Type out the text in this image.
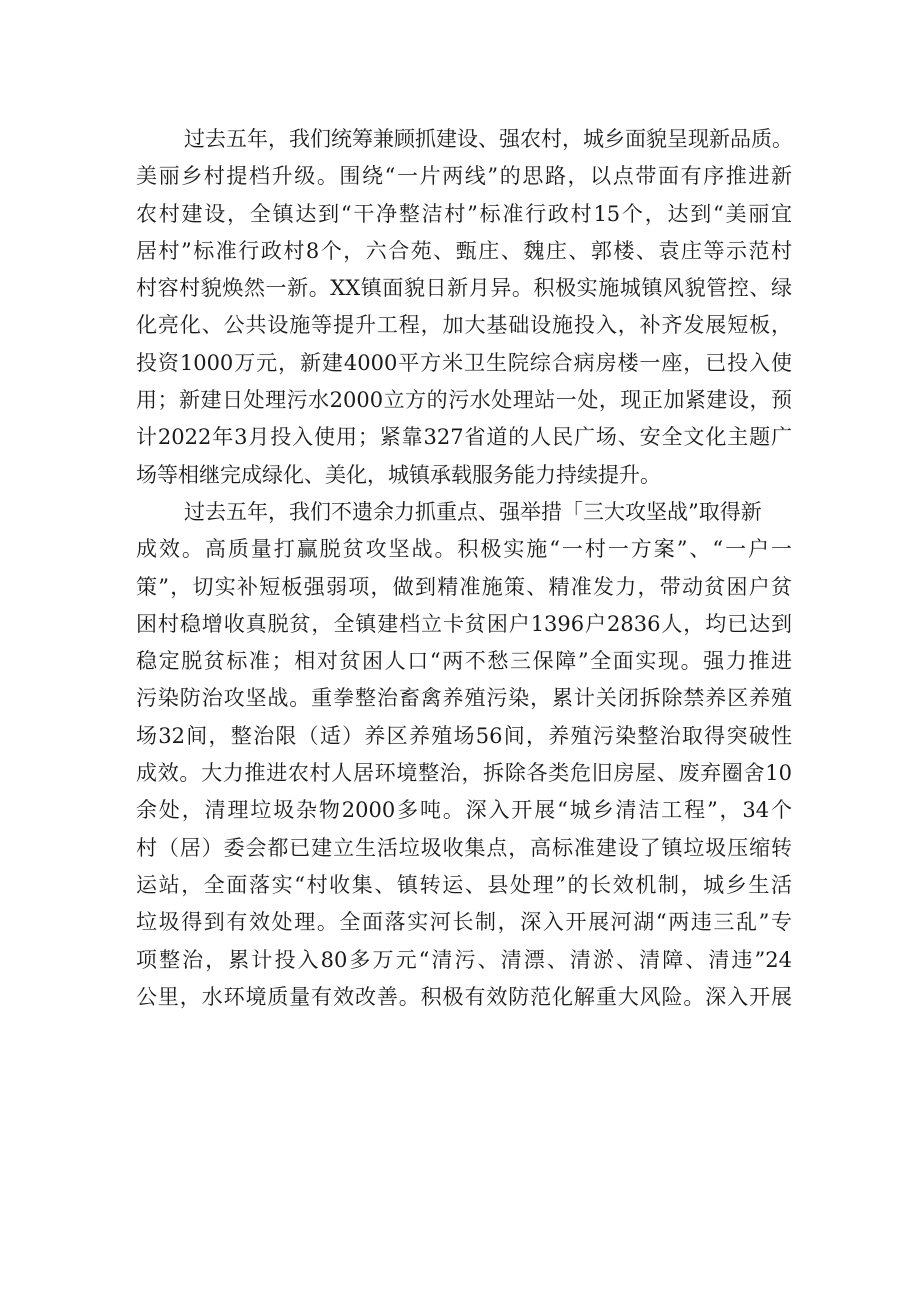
过去五年，我们统筹兼顾抓建设、强农村，城乡面貌呈现新品质。
美丽乡村提档升级。围绕“一片两线”的思路，以点带面有序推进新
农村建设，全镇达到“干净整洁村”标准行政村15个，达到“美丽宜
居村”标准行政村8个，六合苑、甄庄、魏庄、郭楼、袁庄等示范村
村容村貌焕然一新。XX镇面貌日新月异。积极实施城镇风貌管控、绿
化亮化、公共设施等提升工程，加大基础设施投入，补齐发展短板，
投资1000万元，新建4000平方米卫生院综合病房楼一座，已投入使
用；新建日处理污水2000立方的污水处理站一处，现正加紧建设，预
计2022年3月投入使用；紧靠327省道的人民广场、安全文化主题广
场等相继完成绿化、美化，城镇承载服务能力持续提升。
过去五年，我们不遗余力抓重点、强举措「三大攻坚战”取得新
成效。高质量打赢脱贫攻坚战。积极实施“一村一方案”、“一户一
策”，切实补短板强弱项，做到精准施策、精准发力，带动贫困户贫
困村稳增收真脱贫，全镇建档立卡贫困户1396户2836人，均已达到
稳定脱贫标准；相对贫困人口“两不愁三保障”全面实现。强力推进
污染防治攻坚战。重拳整治畜禽养殖污染，累计关闭拆除禁养区养殖
场32间，整治限（适）养区养殖场56间，养殖污染整治取得突破性
成效。大力推进农村人居环境整治，拆除各类危旧房屋、废弃圈舍10
余处，清理垃圾杂物2000多吨。深入开展“城乡清洁工程”，34个
村（居）委会都已建立生活垃圾收集点，高标准建设了镇垃圾压缩转
运站，全面落实“村收集、镇转运、县处理”的长效机制，城乡生活
垃圾得到有效处理。全面落实河长制，深入开展河湖“两违三乱”专
项整治，累计投入80多万元“清污、清漂、清淤、清障、清违”24
公里，水环境质量有效改善。积极有效防范化解重大风险。深入开展
